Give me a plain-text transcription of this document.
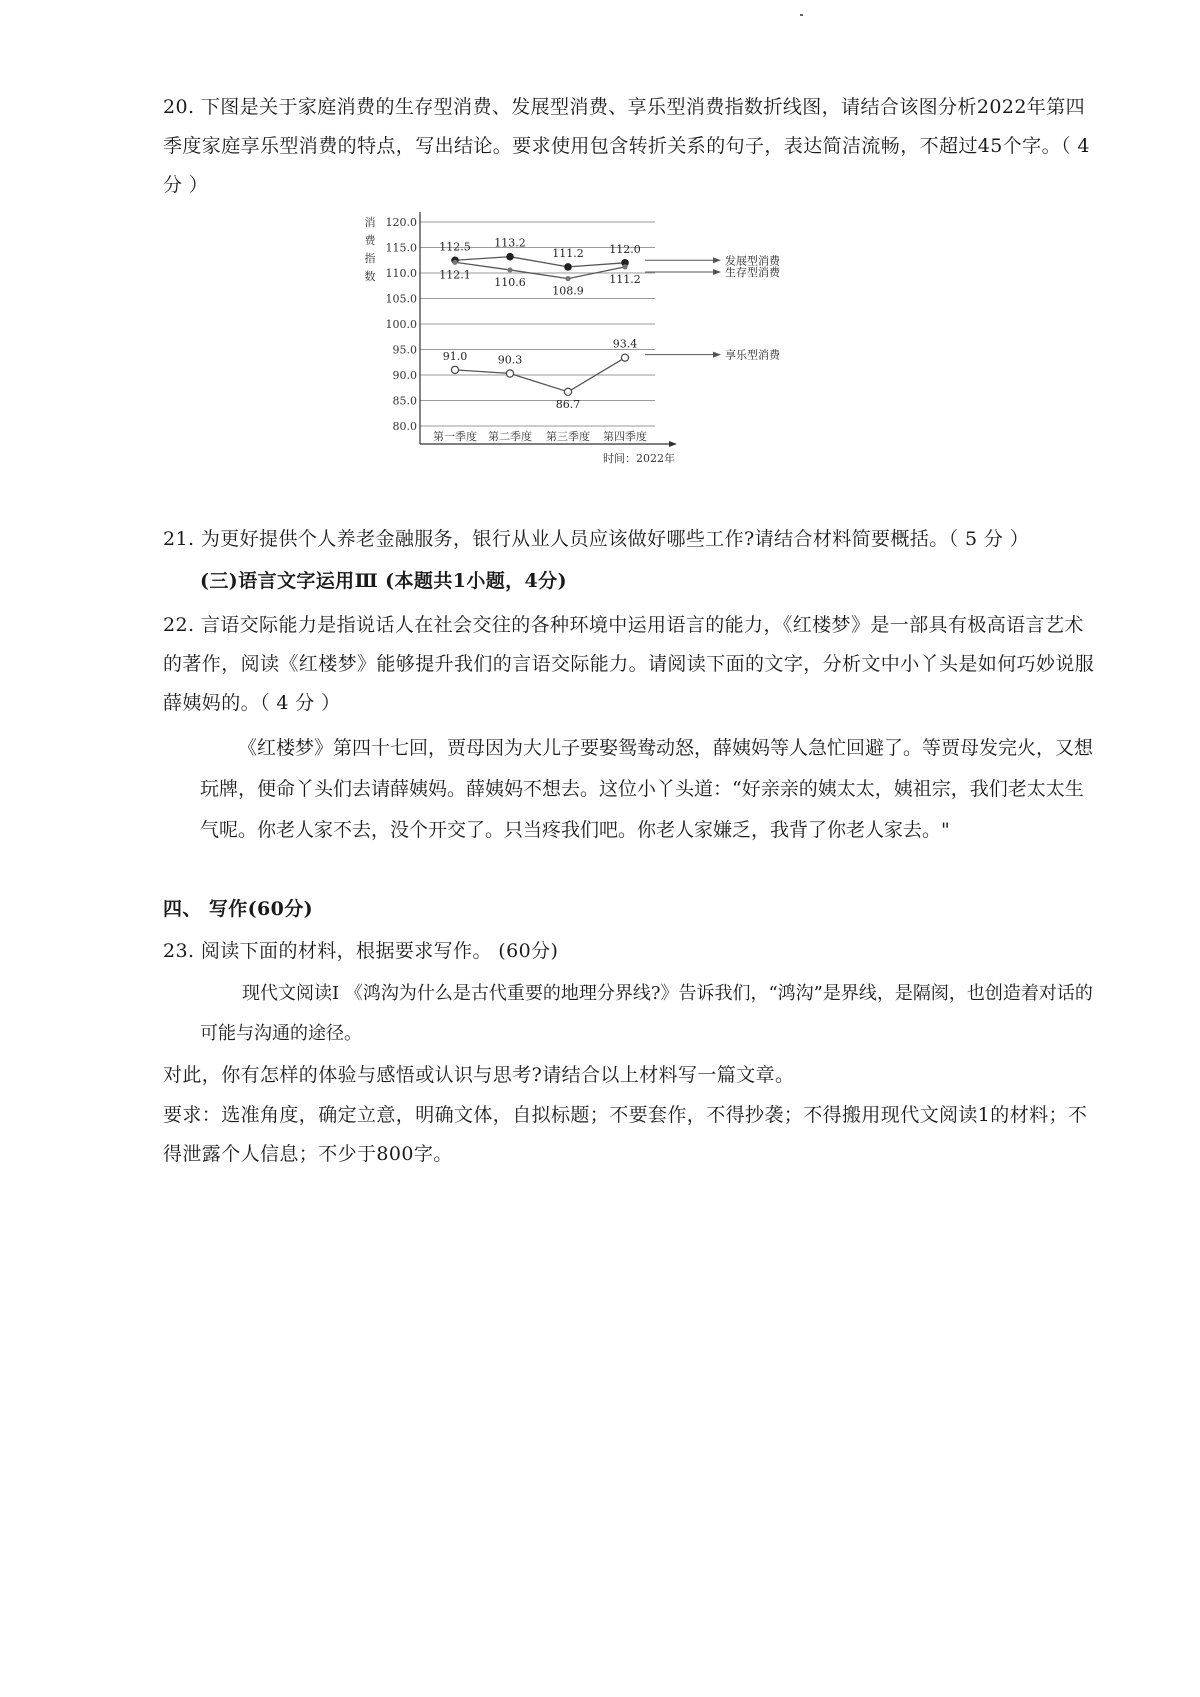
20. 下图是关于家庭消费的生存型消费、发展型消费、享乐型消费指数折线图，请结合该图分析2022年第四季度家庭享乐型消费的特点，写出结论。要求使用包含转折关系的句子，表达简洁流畅，不超过45个字。（ 4 分 ）

120.0
115.0
110.0
105.0
100.0
95.0
90.0
85.0
80.0
消
费
指
数
第一季度 第二季度 第三季度 第四季度
时间：2022年
112.5 113.2
111.2 112.0
发展型消费
112.1
110.6
108.9
111.2
生存型消费
91.0	90.3
86.7
93.4
享乐型消费

21. 为更好提供个人养老金融服务，银行从业人员应该做好哪些工作?请结合材料简要概括。（ 5 分 ）

(三)语言文字运用Ⅲ (本题共1小题，4分)

22. 言语交际能力是指说话人在社会交往的各种环境中运用语言的能力，《红楼梦》是一部具有极高语言艺术的著作，阅读《红楼梦》能够提升我们的言语交际能力。请阅读下面的文字，分析文中小丫头是如何巧妙说服薛姨妈的。（ 4 分 ）

《红楼梦》第四十七回，贾母因为大儿子要娶鸳鸯动怒，薛姨妈等人急忙回避了。等贾母发完火，又想玩牌，便命丫头们去请薛姨妈。薛姨妈不想去。这位小丫头道：“好亲亲的姨太太，姨祖宗，我们老太太生气呢。你老人家不去，没个开交了。只当疼我们吧。你老人家嫌乏，我背了你老人家去。"

四、 写作(60分)

23. 阅读下面的材料，根据要求写作。 (60分)

现代文阅读I 《鸿沟为什么是古代重要的地理分界线?》告诉我们，“鸿沟”是界线，是隔阂，也创造着对话的可能与沟通的途径。

对此，你有怎样的体验与感悟或认识与思考?请结合以上材料写一篇文章。

要求：选准角度，确定立意，明确文体，自拟标题；不要套作，不得抄袭；不得搬用现代文阅读1的材料；不得泄露个人信息；不少于800字。
